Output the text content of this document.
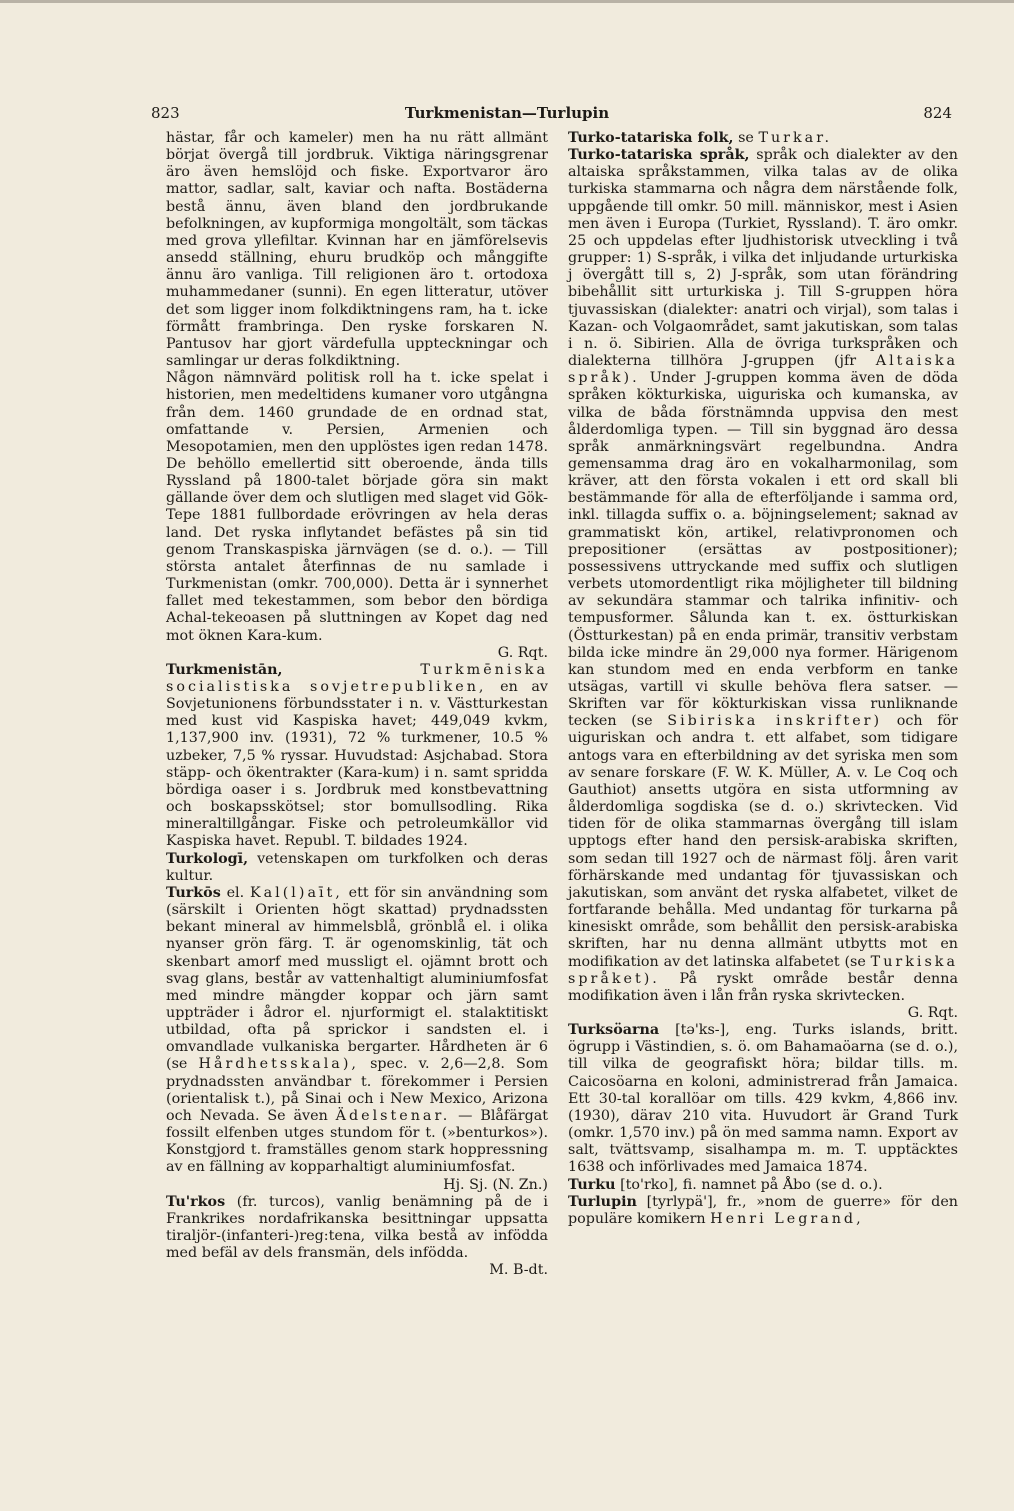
823	Turkmenistan—Turlupin	824

hästar, får och kameler) men ha nu rätt allmänt börjat övergå till jordbruk. Viktiga näringsgrenar äro även hemslöjd och fiske. Exportvaror äro mattor, sadlar, salt, kaviar och nafta. Bostäderna bestå ännu, även bland den jordbrukande befolkningen, av kupformiga mongoltält, som täckas med grova yllefiltar. Kvinnan har en jämförelsevis ansedd ställning, ehuru brudköp och månggifte ännu äro vanliga. Till religionen äro t. ortodoxa muhammedaner (sunni). En egen litteratur, utöver det som ligger inom folkdiktningens ram, ha t. icke förmått frambringa. Den ryske forskaren N. Pantusov har gjort värdefulla uppteckningar och samlingar ur deras folkdiktning.

Någon nämnvärd politisk roll ha t. icke spelat i historien, men medeltidens kumaner voro utgångna från dem. 1460 grundade de en ordnad stat, omfattande v. Persien, Armenien och Mesopotamien, men den upplöstes igen redan 1478. De behöllo emellertid sitt oberoende, ända tills Ryssland på 1800-talet började göra sin makt gällande över dem och slutligen med slaget vid Gök-Tepe 1881 fullbordade erövringen av hela deras land. Det ryska inflytandet befästes på sin tid genom Transkaspiska järnvägen (se d. o.). — Till största antalet återfinnas de nu samlade i Turkmenistan (omkr. 700,000). Detta är i synnerhet fallet med tekestammen, som bebor den bördiga Achal-tekeoasen på sluttningen av Kopet dag ned mot öknen Kara-kum.
G. Rqt.

Turkmenistān,	Turkmēniska socialistiska sovjetrepubliken, en av Sovjetunionens förbundsstater i n. v. Västturkestan med kust vid Kaspiska havet; 449,049 kvkm, 1,137,900 inv. (1931), 72 % turkmener, 10.5 % uzbeker, 7,5 % ryssar. Huvudstad: Asjchabad. Stora stäpp- och ökentrakter (Kara-kum) i n. samt spridda bördiga oaser i s. Jordbruk med konstbevattning och boskapsskötsel; stor bomullsodling. Rika mineraltillgångar. Fiske och petroleumkällor vid Kaspiska havet. Republ. T. bildades 1924.

Turkologī, vetenskapen om turkfolken och deras kultur.

Turkōs el. Kal(l)aīt, ett för sin användning som (särskilt i Orienten högt skattad) prydnadssten bekant mineral av himmelsblå, grönblå el. i olika nyanser grön färg. T. är ogenomskinlig, tät och skenbart amorf med mussligt el. ojämnt brott och svag glans, består av vattenhaltigt aluminiumfosfat med mindre mängder koppar och järn samt uppträder i ådror el. njurformigt el. stalaktitiskt utbildad, ofta på sprickor i sandsten el. i omvandlade vulkaniska bergarter. Hårdheten är 6 (se Hårdhetsskala), spec. v. 2,6—2,8. Som prydnadssten användbar t. förekommer i Persien (orientalisk t.), på Sinai och i New Mexico, Arizona och Nevada. Se även Ädelstenar. — Blåfärgat fossilt elfenben utges stundom för t. (»benturkos»). Konstgjord t. framställes genom stark hoppressning av en fällning av kopparhaltigt aluminiumfosfat.
Hj. Sj. (N. Zn.)

Tu'rkos (fr. turcos), vanlig benämning på de i Frankrikes nordafrikanska besittningar uppsatta tiraljör-(infanteri-)reg:tena, vilka bestå av infödda med befäl av dels fransmän, dels infödda.
M. B-dt.

Turko-tatariska folk, se Turkar.

Turko-tatariska språk, språk och dialekter av den altaiska språkstammen, vilka talas av de olika turkiska stammarna och några dem närstående folk, uppgående till omkr. 50 mill. människor, mest i Asien men även i Europa (Turkiet, Ryssland). T. äro omkr. 25 och uppdelas efter ljudhistorisk utveckling i två grupper: 1) S-språk, i vilka det inljudande urturkiska j övergått till s, 2) J-språk, som utan förändring bibehållit sitt urturkiska j. Till S-gruppen höra tjuvassiskan (dialekter: anatri och virjal), som talas i Kazan- och Volgaområdet, samt jakutiskan, som talas i n. ö. Sibirien. Alla de övriga turkspråken och dialekterna tillhöra J-gruppen (jfr Altaiska språk). Under J-gruppen komma även de döda språken kökturkiska, uiguriska och kumanska, av vilka de båda förstnämnda uppvisa den mest ålderdomliga typen. — Till sin byggnad äro dessa språk anmärkningsvärt regelbundna. Andra gemensamma drag äro en vokalharmonilag, som kräver, att den första vokalen i ett ord skall bli bestämmande för alla de efterföljande i samma ord, inkl. tillagda suffix o. a. böjningselement; saknad av grammatiskt kön, artikel, relativpronomen och prepositioner (ersättas av postpositioner); possessivens uttryckande med suffix och slutligen verbets utomordentligt rika möjligheter till bildning av sekundära stammar och talrika infinitiv- och tempusformer. Sålunda kan t. ex. östturkiskan (Östturkestan) på en enda primär, transitiv verbstam bilda icke mindre än 29,000 nya former. Härigenom kan stundom med en enda verbform en tanke utsägas, vartill vi skulle behöva flera satser. — Skriften var för kökturkiskan vissa runliknande tecken (se Sibiriska inskrifter) och för uiguriskan och andra t. ett alfabet, som tidigare antogs vara en efterbildning av det syriska men som av senare forskare (F. W. K. Müller, A. v. Le Coq och Gauthiot) ansetts utgöra en sista utformning av ålderdomliga sogdiska (se d. o.) skrivtecken. Vid tiden för de olika stammarnas övergång till islam upptogs efter hand den persisk-arabiska skriften, som sedan till 1927 och de närmast följ. åren varit förhärskande med undantag för tjuvassiskan och jakutiskan, som använt det ryska alfabetet, vilket de fortfarande behålla. Med undantag för turkarna på kinesiskt område, som behållit den persisk-arabiska skriften, har nu denna allmänt utbytts mot en modifikation av det latinska alfabetet (se Turkiska språket). På ryskt område består denna modifikation även i lån från ryska skrivtecken.
G. Rqt.

Turksöarna [tə'ks-], eng. Turks islands, britt. ögrupp i Västindien, s. ö. om Bahamaöarna (se d. o.), till vilka de geografiskt höra; bildar tills. m. Caicosöarna en koloni, administrerad från Jamaica. Ett 30-tal korallöar om tills. 429 kvkm, 4,866 inv. (1930), därav 210 vita. Huvudort är Grand Turk (omkr. 1,570 inv.) på ön med samma namn. Export av salt, tvättsvamp, sisalhampa m. m. T. upptäcktes 1638 och införlivades med Jamaica 1874.

Turku [to'rko], fi. namnet på Åbo (se d. o.).

Turlupin [tyrlypä'], fr., »nom de guerre» för den populäre komikern Henri Legrand,
